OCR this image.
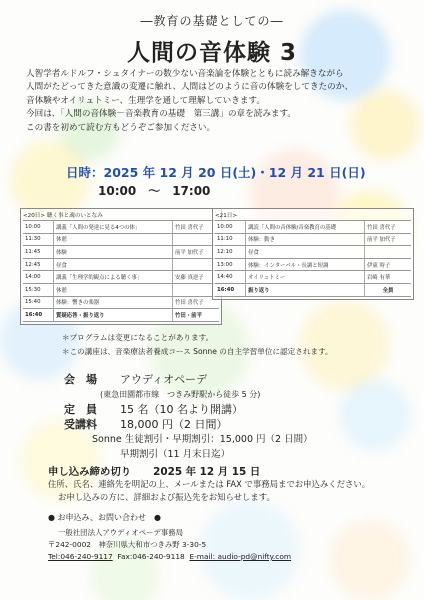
―教育の基礎としての―
人間の音体験 3
人智学者ルドルフ・シュタイナーの数少ない音楽論を体験とともに読み解きながら
人間がたどってきた意識の変遷に触れ、人間はどのように音の体験をしてきたのか、
音体験やオイリュトミー、生理学を通して理解していきます。
今回は、「人間の音体験－音楽教育の基礎　第三講」の章を読みます。
この書を初めて読む方もどうぞご参加ください。
日時：2025 年 12 月 20 日(土)・12 月 21 日(日)
10:00　～　17:00
<20日> 聴く事と魂のいとなみ
10:00	講義「人間の発達に見る4つの体」	竹田 喜代子
11:30	休憩	
11:45	体験	前平 加代子
12:45	昼食	
14:00	講義「生理学的観点による聴く事」	安藤 真逆子
15:30	休憩	
15:40	体験：響きの楽器	竹田 喜代子
16:40	質疑応答・振り返り	竹田・前平
<21日>
10:00	講読「人間の音体験/音楽教育の基礎	竹田 喜代子
11:10	体験：動き	前平 加代子
12:10	昼食	
13:00	体験：インターバル・長調と短調	伊東 時子
14:40	オイリュトミー	岩崎 有華
16:40	振り返り	全員
＊プログラムは変更になることがあります。
＊この講座は、音楽療法者養成コース Sonne の自主学習単位に認定されます。
会　場 アウディオペーデ
(東急田園都市線　つきみ野駅から徒歩 5 分)
定　員 15 名（10 名より開講）
受講料 18,000 円（2 日間）
Sonne 生徒割引・早期割引：15,000 円（2 日間）
早期割引（11 月末日迄）
申し込み締め切り 2025 年 12 月 15 日
住所、氏名、連絡先を明記の上、メールまたは FAX で事務局までお申込みください。
お申し込みの方に、詳細および振込先をお知らせします。
● お申込み、お問い合わせ　●
一般社団法人アウディオペーデ事務局
〒242-0002　神奈川県大和市つきみ野 3-30-5
Tel:046-240-9117 Fax:046-240-9118 E-mail: audio-pd@nifty.com
